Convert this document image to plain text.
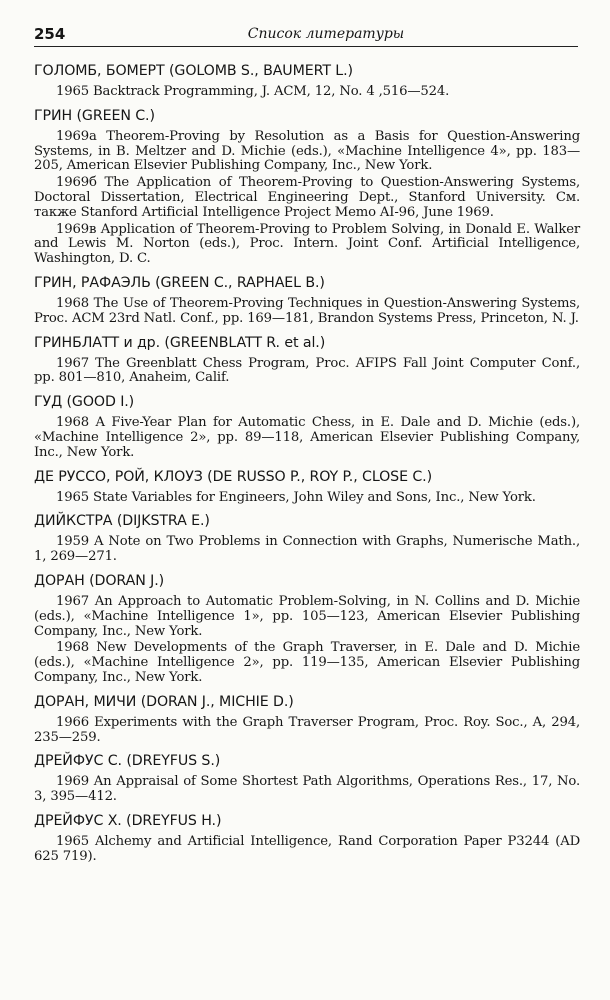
254	Список литературы
ГОЛОМБ, БОМЕРТ (GOLOMB S., BAUMERT L.)
1965 Backtrack Programming, J. ACM, 12, No. 4 ,516—524.
ГРИН (GREEN C.)
1969a Theorem-Proving by Resolution as a Basis for Question-Answering Systems, in B. Meltzer and D. Michie (eds.), «Machine Intelligence 4», pp. 183—205, American Elsevier Publishing Company, Inc., New York.
1969б The Application of Theorem-Proving to Question-Answering Systems, Doctoral Dissertation, Electrical Engineering Dept., Stanford University. См. также Stanford Artificial Intelligence Project Memo AI-96, June 1969.
1969в Application of Theorem-Proving to Problem Solving, in Donald E. Walker and Lewis M. Norton (eds.), Proc. Intern. Joint Conf. Artificial Intelligence, Washington, D. C.
ГРИН, РАФАЭЛЬ (GREEN C., RAPHAEL B.)
1968 The Use of Theorem-Proving Techniques in Question-Answering Systems, Proc. ACM 23rd Natl. Conf., pp. 169—181, Brandon Systems Press, Princeton, N. J.
ГРИНБЛАТТ и др. (GREENBLATT R. et al.)
1967 The Greenblatt Chess Program, Proc. AFIPS Fall Joint Computer Conf., pp. 801—810, Anaheim, Calif.
ГУД (GOOD I.)
1968 A Five-Year Plan for Automatic Chess, in E. Dale and D. Michie (eds.), «Machine Intelligence 2», pp. 89—118, American Elsevier Publishing Company, Inc., New York.
ДЕ РУССО, РОЙ, КЛОУЗ (DE RUSSO P., ROY P., CLOSE C.)
1965 State Variables for Engineers, John Wiley and Sons, Inc., New York.
ДИЙКСТРА (DIJKSTRA E.)
1959 A Note on Two Problems in Connection with Graphs, Numerische Math., 1, 269—271.
ДОРАН (DORAN J.)
1967 An Approach to Automatic Problem-Solving, in N. Collins and D. Michie (eds.), «Machine Intelligence 1», pp. 105—123, American Elsevier Publishing Company, Inc., New York.
1968 New Developments of the Graph Traverser, in E. Dale and D. Michie (eds.), «Machine Intelligence 2», pp. 119—135, American Elsevier Publishing Company, Inc., New York.
ДОРАН, МИЧИ (DORAN J., MICHIE D.)
1966 Experiments with the Graph Traverser Program, Proc. Roy. Soc., A, 294, 235—259.
ДРЕЙФУС С. (DREYFUS S.)
1969 An Appraisal of Some Shortest Path Algorithms, Operations Res., 17, No. 3, 395—412.
ДРЕЙФУС Х. (DREYFUS H.)
1965 Alchemy and Artificial Intelligence, Rand Corporation Paper P3244 (AD 625 719).
